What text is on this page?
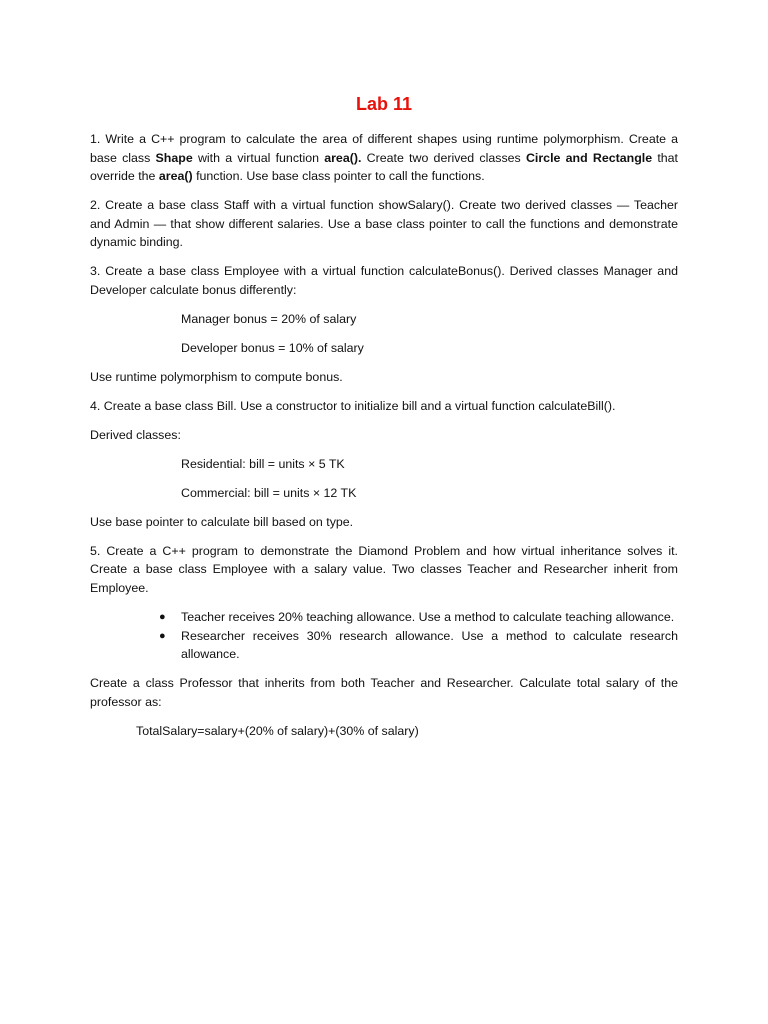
Lab 11

1. Write a C++ program to calculate the area of different shapes using runtime polymorphism. Create a base class Shape with a virtual function area(). Create two derived classes Circle and Rectangle that override the area() function. Use base class pointer to call the functions.

2. Create a base class Staff with a virtual function showSalary(). Create two derived classes — Teacher and Admin — that show different salaries. Use a base class pointer to call the functions and demonstrate dynamic binding.

3. Create a base class Employee with a virtual function calculateBonus(). Derived classes Manager and Developer calculate bonus differently:

Manager bonus = 20% of salary

Developer bonus = 10% of salary

Use runtime polymorphism to compute bonus.

4. Create a base class Bill. Use a constructor to initialize bill and a virtual function calculateBill().

Derived classes:

Residential: bill = units × 5 TK

Commercial: bill = units × 12 TK

Use base pointer to calculate bill based on type.

5. Create a C++ program to demonstrate the Diamond Problem and how virtual inheritance solves it. Create a base class Employee with a salary value. Two classes Teacher and Researcher inherit from Employee.

● Teacher receives 20% teaching allowance. Use a method to calculate teaching allowance.
● Researcher receives 30% research allowance. Use a method to calculate research allowance.

Create a class Professor that inherits from both Teacher and Researcher. Calculate total salary of the professor as:

TotalSalary=salary+(20% of salary)+(30% of salary)
